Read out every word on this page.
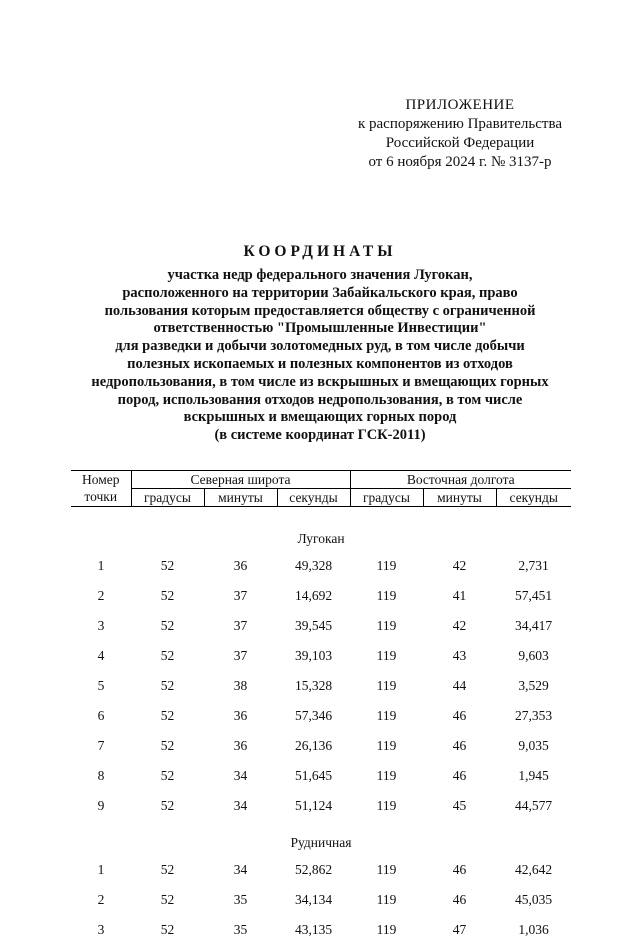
ПРИЛОЖЕНИЕ
к распоряжению Правительства
Российской Федерации
от 6 ноября 2024 г. № 3137-р
КООРДИНАТЫ
участка недр федерального значения Лугокан,
расположенного на территории Забайкальского края, право
пользования которым предоставляется обществу с ограниченной
ответственностью "Промышленные Инвестиции"
для разведки и добычи золотомедных руд, в том числе добычи
полезных ископаемых и полезных компонентов из отходов
недропользования, в том числе из вскрышных и вмещающих горных
пород, использования отходов недропользования, в том числе
вскрышных и вмещающих горных пород
(в системе координат ГСК-2011)
Номер	Северная широта			Восточная долгота		
точки	градусы	минуты	секунды	градусы	минуты	секунды
Лугокан						
1	52	36	49,328	119	42	2,731
2	52	37	14,692	119	41	57,451
3	52	37	39,545	119	42	34,417
4	52	37	39,103	119	43	9,603
5	52	38	15,328	119	44	3,529
6	52	36	57,346	119	46	27,353
7	52	36	26,136	119	46	9,035
8	52	34	51,645	119	46	1,945
9	52	34	51,124	119	45	44,577
Рудничная						
1	52	34	52,862	119	46	42,642
2	52	35	34,134	119	46	45,035
3	52	35	43,135	119	47	1,036
